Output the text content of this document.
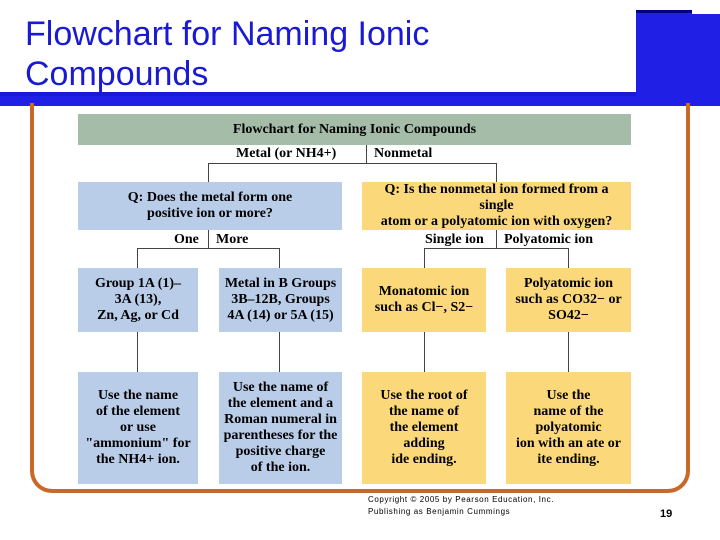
Flowchart for Naming Ionic Compounds
Flowchart for Naming Ionic Compounds
Metal (or NH4+)	Nonmetal
Q: Does the metal form one
positive ion or more?
Q: Is the nonmetal ion formed from a single
atom or a polyatomic ion with oxygen?
One More	Single ion Polyatomic ion
Group 1A (1)–
3A (13),
Zn, Ag, or Cd
Metal in B Groups
3B–12B, Groups
4A (14) or 5A (15)
Monatomic ion
such as Cl−, S2−
Polyatomic ion
such as CO32− or
SO42−
Use the name
of the element
or use
"ammonium" for
the NH4+ ion.
Use the name of
the element and a
Roman numeral in
parentheses for the
positive charge
of the ion.
Use the root of
the name of
the element
adding
ide ending.
Use the
name of the
polyatomic
ion with an ate or
ite ending.
Copyright © 2005 by Pearson Education, Inc.
Publishing as Benjamin Cummings	19
